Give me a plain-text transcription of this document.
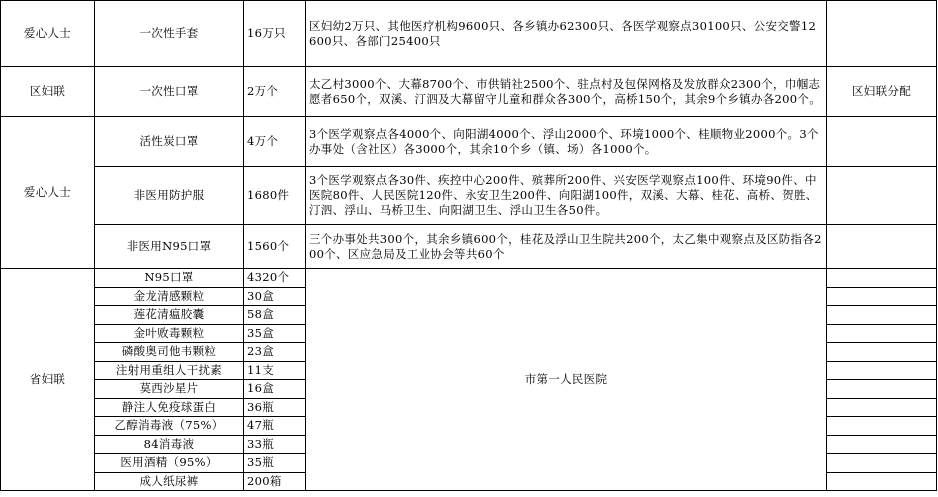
爱心人士	一次性手套	16万只	区妇幼2万只、其他医疗机构9600只、各乡镇办62300只、各医学观察点30100只、公安交警12600只、各部门25400只	
区妇联	一次性口罩	2万个	太乙村3000个、大幕8700个、市供销社2500个、驻点村及包保网格及发放群众2300个，巾帼志愿者650个，双溪、汀泗及大幕留守儿童和群众各300个，高桥150个，其余9个乡镇办各200个。	区妇联分配
爱心人士	活性炭口罩	4万个	3个医学观察点各4000个、向阳湖4000个、浮山2000个、环境1000个、桂顺物业2000个。3个办事处（含社区）各3000个，其余10个乡（镇、场）各1000个。	
	非医用防护服	1680件	3个医学观察点各30件、疾控中心200件、殡葬所200件、兴安医学观察点100件、环境90件、中医院80件、人民医院120件、永安卫生200件、向阳湖100件，双溪、大幕、桂花、高桥、贺胜、汀泗、浮山、马桥卫生、向阳湖卫生、浮山卫生各50件。	
	非医用N95口罩	1560个	三个办事处共300个，其余乡镇600个，桂花及浮山卫生院共200个，太乙集中观察点及区防指各200个、区应急局及工业协会等共60个	
省妇联	N95口罩	4320个	市第一人民医院	
	金龙清感颗粒	30盒		
	莲花清瘟胶囊	58盒		
	金叶败毒颗粒	35盒		
	磷酸奥司他韦颗粒	23盒		
	注射用重组人干扰素	11支		
	莫西沙星片	16盒		
	静注人免疫球蛋白	36瓶		
	乙醇消毒液（75%）	47瓶		
	84消毒液	33瓶		
	医用酒精（95%）	35瓶		
	成人纸尿裤	200箱		
